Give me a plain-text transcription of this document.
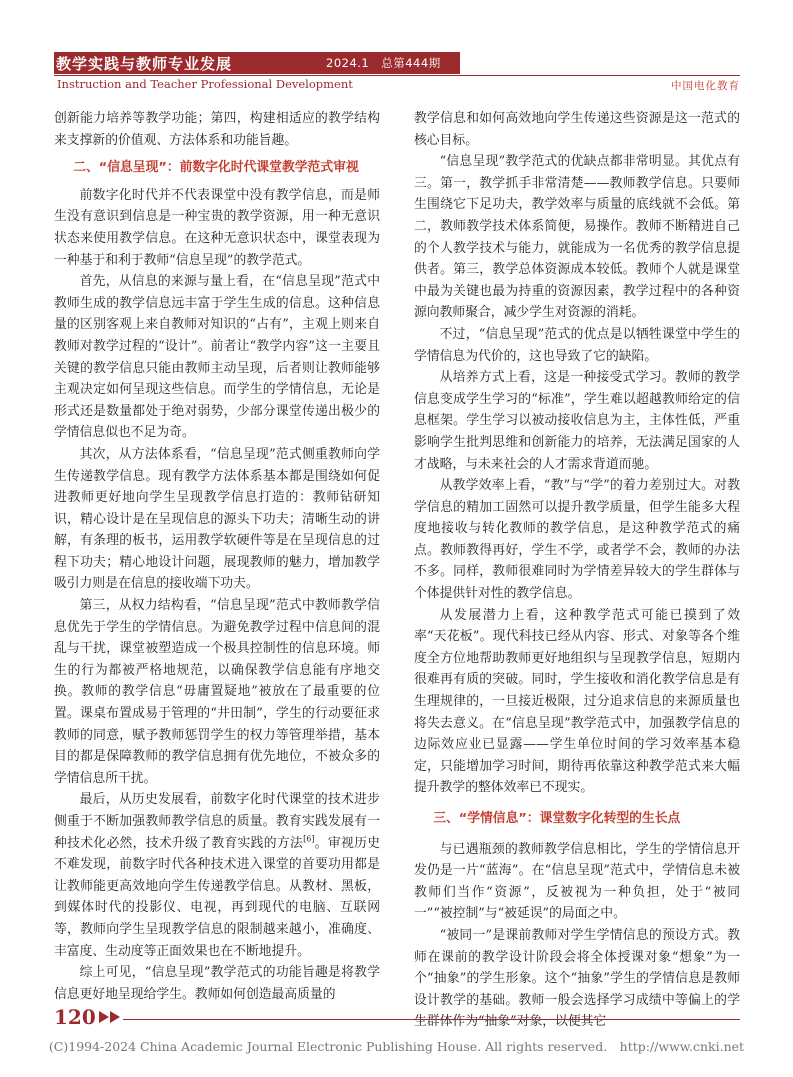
教学实践与教师专业发展	2024.1　总第444期
Instruction and Teacher Professional Development	中国电化教育

创新能力培养等教学功能；第四，构建相适应的教学结构来支撑新的价值观、方法体系和功能旨趣。

二、“信息呈现”：前数字化时代课堂教学范式审视

前数字化时代并不代表课堂中没有教学信息，而是师生没有意识到信息是一种宝贵的教学资源，用一种无意识状态来使用教学信息。在这种无意识状态中，课堂表现为一种基于和利于教师“信息呈现”的教学范式。

首先，从信息的来源与量上看，在“信息呈现”范式中教师生成的教学信息远丰富于学生生成的信息。这种信息量的区别客观上来自教师对知识的“占有”，主观上则来自教师对教学过程的“设计”。前者让“教学内容”这一主要且关键的教学信息只能由教师主动呈现，后者则让教师能够主观决定如何呈现这些信息。而学生的学情信息，无论是形式还是数量都处于绝对弱势，少部分课堂传递出极少的学情信息似也不足为奇。

其次，从方法体系看，“信息呈现”范式侧重教师向学生传递教学信息。现有教学方法体系基本都是围绕如何促进教师更好地向学生呈现教学信息打造的：教师钻研知识，精心设计是在呈现信息的源头下功夫；清晰生动的讲解，有条理的板书，运用教学软硬件等是在呈现信息的过程下功夫；精心地设计问题，展现教师的魅力，增加教学吸引力则是在信息的接收端下功夫。

第三，从权力结构看，“信息呈现”范式中教师教学信息优先于学生的学情信息。为避免教学过程中信息间的混乱与干扰，课堂被塑造成一个极具控制性的信息环境。师生的行为都被严格地规范，以确保教学信息能有序地交换。教师的教学信息“毋庸置疑地”被放在了最重要的位置。课桌布置成易于管理的“井田制”，学生的行动要征求教师的同意，赋予教师惩罚学生的权力等管理举措，基本目的都是保障教师的教学信息拥有优先地位，不被众多的学情信息所干扰。

最后，从历史发展看，前数字化时代课堂的技术进步侧重于不断加强教师教学信息的质量。教育实践发展有一种技术化必然，技术升级了教育实践的方法[6]。审视历史不难发现，前数字时代各种技术进入课堂的首要功用都是让教师能更高效地向学生传递教学信息。从教材、黑板，到媒体时代的投影仪、电视，再到现代的电脑、互联网等，教师向学生呈现教学信息的限制越来越小，准确度、丰富度、生动度等正面效果也在不断地提升。

综上可见，“信息呈现”教学范式的功能旨趣是将教学信息更好地呈现给学生。教师如何创造最高质量的

教学信息和如何高效地向学生传递这些资源是这一范式的核心目标。

“信息呈现”教学范式的优缺点都非常明显。其优点有三。第一，教学抓手非常清楚——教师教学信息。只要师生围绕它下足功夫，教学效率与质量的底线就不会低。第二，教师教学技术体系简便，易操作。教师不断精进自己的个人教学技术与能力，就能成为一名优秀的教学信息提供者。第三，教学总体资源成本较低。教师个人就是课堂中最为关键也最为持重的资源因素，教学过程中的各种资源向教师聚合，减少学生对资源的消耗。

不过，“信息呈现”范式的优点是以牺牲课堂中学生的学情信息为代价的，这也导致了它的缺陷。

从培养方式上看，这是一种接受式学习。教师的教学信息变成学生学习的“标准”，学生难以超越教师给定的信息框架。学生学习以被动接收信息为主，主体性低，严重影响学生批判思维和创新能力的培养，无法满足国家的人才战略，与未来社会的人才需求背道而驰。

从教学效率上看，“教”与“学”的着力差别过大。对教学信息的精加工固然可以提升教学质量，但学生能多大程度地接收与转化教师的教学信息，是这种教学范式的痛点。教师教得再好，学生不学，或者学不会，教师的办法不多。同样，教师很难同时为学情差异较大的学生群体与个体提供针对性的教学信息。

从发展潜力上看，这种教学范式可能已摸到了效率“天花板”。现代科技已经从内容、形式、对象等各个维度全方位地帮助教师更好地组织与呈现教学信息，短期内很难再有质的突破。同时，学生接收和消化教学信息是有生理规律的，一旦接近极限，过分追求信息的来源质量也将失去意义。在“信息呈现”教学范式中，加强教学信息的边际效应业已显露——学生单位时间的学习效率基本稳定，只能增加学习时间，期待再依靠这种教学范式来大幅提升教学的整体效率已不现实。

三、“学情信息”：课堂数字化转型的生长点

与已遇瓶颈的教师教学信息相比，学生的学情信息开发仍是一片“蓝海”。在“信息呈现”范式中，学情信息未被教师们当作“资源”，反被视为一种负担，处于“被同一”“被控制”与“被延误”的局面之中。

“被同一”是课前教师对学生学情信息的预设方式。教师在课前的教学设计阶段会将全体授课对象“想象”为一个“抽象”的学生形象。这个“抽象”学生的学情信息是教师设计教学的基础。教师一般会选择学习成绩中等偏上的学生群体作为“抽象”对象，以便其它

120
(C)1994-2024 China Academic Journal Electronic Publishing House. All rights reserved.　http://www.cnki.net
